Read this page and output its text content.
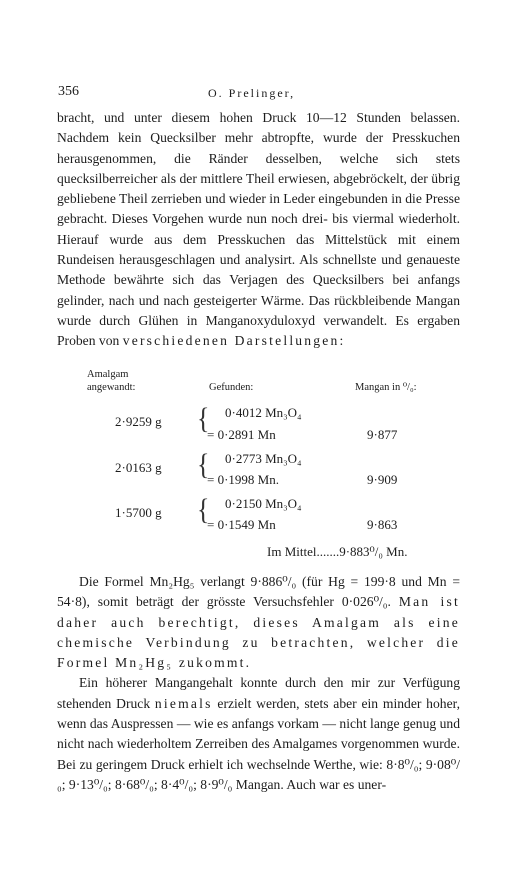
356	O. Prelinger,

bracht, und unter diesem hohen Druck 10—12 Stunden belassen. Nachdem kein Quecksilber mehr abtropfte, wurde der Presskuchen herausgenommen, die Ränder desselben, welche sich stets quecksilberreicher als der mittlere Theil erwiesen, abgebröckelt, der übrig gebliebene Theil zerrieben und wieder in Leder eingebunden in die Presse gebracht. Dieses Vorgehen wurde nun noch drei- bis viermal wiederholt. Hierauf wurde aus dem Presskuchen das Mittelstück mit einem Rundeisen herausgeschlagen und analysirt. Als schnellste und genaueste Methode bewährte sich das Verjagen des Quecksilbers bei anfangs gelinder, nach und nach gesteigerter Wärme. Das rückbleibende Mangan wurde durch Glühen in Manganoxyduloxyd verwandelt. Es ergaben Proben von verschiedenen Darstellungen:

Amalgam
angewandt:	Gefunden:	Mangan in ⁰/₀:
2·9259 g { 0·4012 Mn₃O₄
= 0·2891 Mn	9·877
2·0163 g { 0·2773 Mn₃O₄
= 0·1998 Mn.	9·909
1·5700 g { 0·2150 Mn₃O₄
= 0·1549 Mn	9·863
Im Mittel.......9·883⁰/₀ Mn.

Die Formel Mn₂Hg₅ verlangt 9·886⁰/₀ (für Hg = 199·8 und Mn = 54·8), somit beträgt der grösste Versuchsfehler 0·026⁰/₀. Man ist daher auch berechtigt, dieses Amalgam als eine chemische Verbindung zu betrachten, welcher die Formel Mn₂Hg₅ zukommt.

Ein höherer Mangangehalt konnte durch den mir zur Verfügung stehenden Druck niemals erzielt werden, stets aber ein minder hoher, wenn das Auspressen — wie es anfangs vorkam — nicht lange genug und nicht nach wiederholtem Zerreiben des Amalgames vorgenommen wurde. Bei zu geringem Druck erhielt ich wechselnde Werthe, wie: 8·8⁰/₀; 9·08⁰/₀; 9·13⁰/₀; 8·68⁰/₀; 8·4⁰/₀; 8·9⁰/₀ Mangan. Auch war es uner-
